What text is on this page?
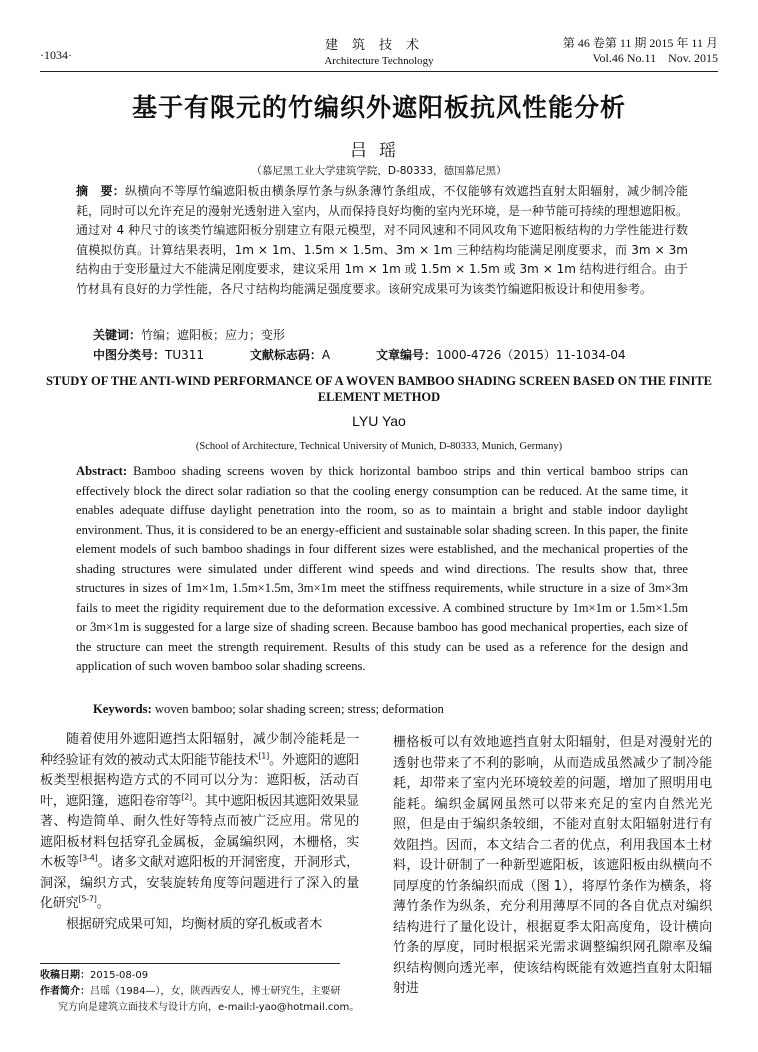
·1034·
建筑技术
Architecture Technology
第 46 卷第 11 期 2015 年 11 月
Vol.46 No.11    Nov. 2015
基于有限元的竹编织外遮阳板抗风性能分析
吕瑶
（慕尼黑工业大学建筑学院，D-80333，德国慕尼黑）
摘　要：纵横向不等厚竹编遮阳板由横条厚竹条与纵条薄竹条组成，不仅能够有效遮挡直射太阳辐射，减少制冷能耗，同时可以允许充足的漫射光透射进入室内，从而保持良好均衡的室内光环境，是一种节能可持续的理想遮阳板。通过对 4 种尺寸的该类竹编遮阳板分别建立有限元模型，对不同风速和不同风攻角下遮阳板结构的力学性能进行数值模拟仿真。计算结果表明，1m × 1m、1.5m × 1.5m、3m × 1m 三种结构均能满足刚度要求，而 3m × 3m 结构由于变形量过大不能满足刚度要求，建议采用 1m × 1m 或 1.5m × 1.5m 或 3m × 1m 结构进行组合。由于竹材具有良好的力学性能，各尺寸结构均能满足强度要求。该研究成果可为该类竹编遮阳板设计和使用参考。
关键词：竹编；遮阳板；应力；变形
中图分类号：TU311	文献标志码：A	文章编号：1000-4726（2015）11-1034-04
STUDY OF THE ANTI-WIND PERFORMANCE OF A WOVEN BAMBOO SHADING SCREEN BASED ON THE FINITE ELEMENT METHOD
LYU Yao
(School of Architecture, Technical University of Munich, D-80333, Munich, Germany)
Abstract: Bamboo shading screens woven by thick horizontal bamboo strips and thin vertical bamboo strips can effectively block the direct solar radiation so that the cooling energy consumption can be reduced. At the same time, it enables adequate diffuse daylight penetration into the room, so as to maintain a bright and stable indoor daylight environment. Thus, it is considered to be an energy-efficient and sustainable solar shading screen. In this paper, the finite element models of such bamboo shadings in four different sizes were established, and the mechanical properties of the shading structures were simulated under different wind speeds and wind directions. The results show that, three structures in sizes of 1m×1m, 1.5m×1.5m, 3m×1m meet the stiffness requirements, while structure in a size of 3m×3m fails to meet the rigidity requirement due to the deformation excessive. A combined structure by 1m×1m or 1.5m×1.5m or 3m×1m is suggested for a large size of shading screen. Because bamboo has good mechanical properties, each size of the structure can meet the strength requirement. Results of this study can be used as a reference for the design and application of such woven bamboo solar shading screens.
Keywords: woven bamboo; solar shading screen; stress; deformation

随着使用外遮阳遮挡太阳辐射，减少制冷能耗是一种经验证有效的被动式太阳能节能技术[1]。外遮阳的遮阳板类型根据构造方式的不同可以分为：遮阳板，活动百叶，遮阳篷，遮阳卷帘等[2]。其中遮阳板因其遮阳效果显著、构造简单、耐久性好等特点而被广泛应用。常见的遮阳板材料包括穿孔金属板，金属编织网，木栅格，实木板等[3-4]。诸多文献对遮阳板的开洞密度，开洞形式，洞深，编织方式，安装旋转角度等问题进行了深入的量化研究[5-7]。

根据研究成果可知，均衡材质的穿孔板或者木

栅格板可以有效地遮挡直射太阳辐射，但是对漫射光的透射也带来了不利的影响，从而造成虽然减少了制冷能耗，却带来了室内光环境较差的问题，增加了照明用电能耗。编织金属网虽然可以带来充足的室内自然光光照，但是由于编织条较细，不能对直射太阳辐射进行有效阻挡。因而，本文结合二者的优点，利用我国本土材料，设计研制了一种新型遮阳板，该遮阳板由纵横向不同厚度的竹条编织而成（图 1），将厚竹条作为横条，将薄竹条作为纵条，充分利用薄厚不同的各自优点对编织结构进行了量化设计，根据夏季太阳高度角，设计横向竹条的厚度，同时根据采光需求调整编织网孔隙率及编织结构侧向透光率，使该结构既能有效遮挡直射太阳辐射进

收稿日期：2015-08-09
作者简介：吕瑶（1984—），女，陕西西安人，博士研究生，主要研
究方向是建筑立面技术与设计方向，e-mail:l-yao@hotmail.com。
